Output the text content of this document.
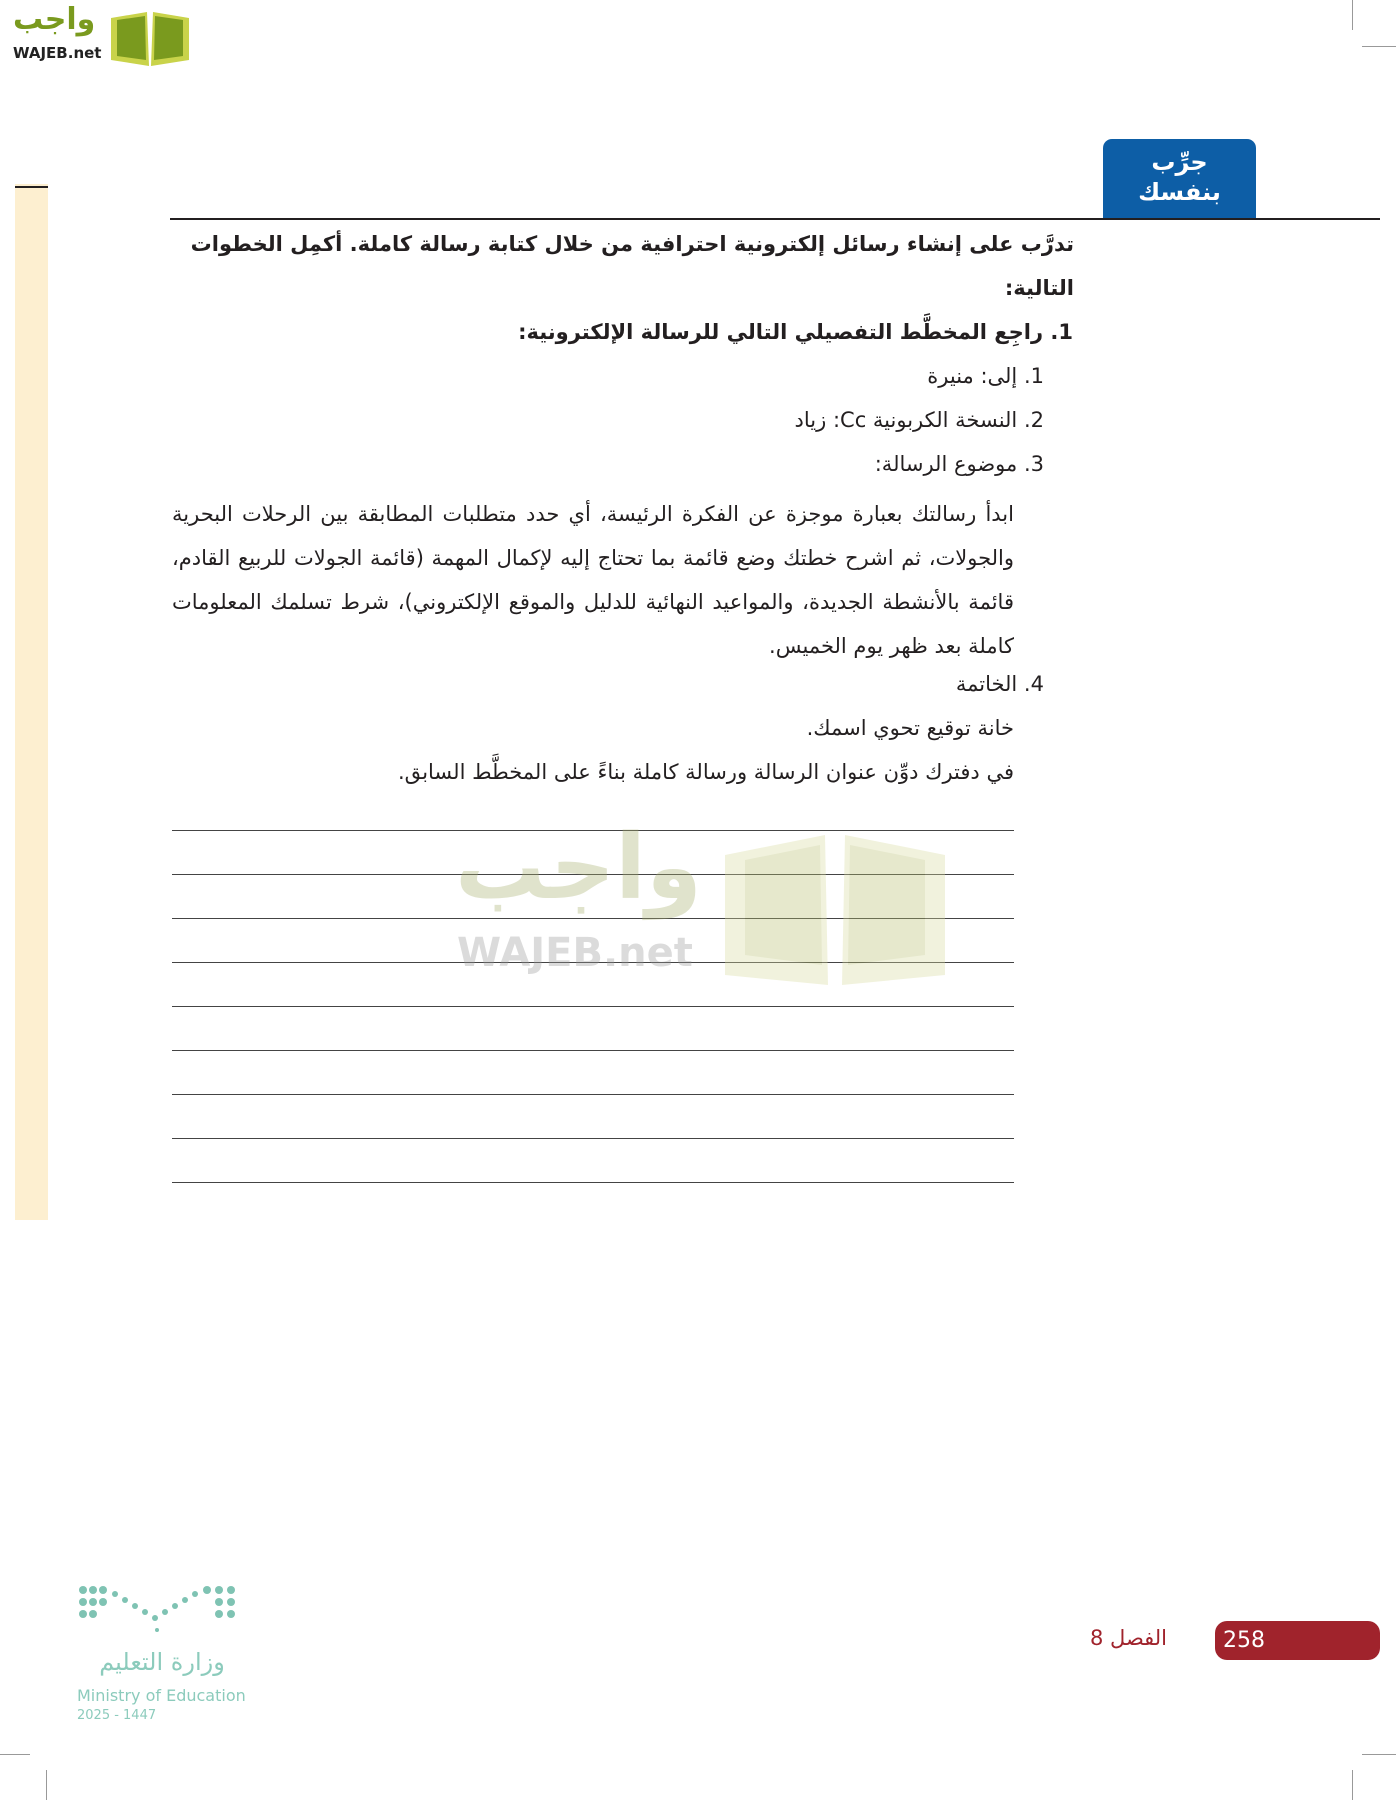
واجب
WAJEB.net
جرِّب
بنفسك
تدرَّب على إنشاء رسائل إلكترونية احترافية من خلال كتابة رسالة كاملة. أكمِل الخطوات
التالية:
1. راجِع المخطَّط التفصيلي التالي للرسالة الإلكترونية:
1. إلى: منيرة
2. النسخة الكربونية Cc: زياد
3. موضوع الرسالة:
ابدأ رسالتك بعبارة موجزة عن الفكرة الرئيسة، أي حدد متطلبات المطابقة بين الرحلات البحرية والجولات، ثم اشرح خطتك وضع قائمة بما تحتاج إليه لإكمال المهمة (قائمة الجولات للربيع القادم، قائمة بالأنشطة الجديدة، والمواعيد النهائية للدليل والموقع الإلكتروني)، شرط تسلمك المعلومات كاملة بعد ظهر يوم الخميس.
4. الخاتمة
خانة توقيع تحوي اسمك.
في دفترك دوِّن عنوان الرسالة ورسالة كاملة بناءً على المخطَّط السابق.
واجب
WAJEB.net
وزارة التعليم
Ministry of Education
2025 - 1447
الفصل 8	258
